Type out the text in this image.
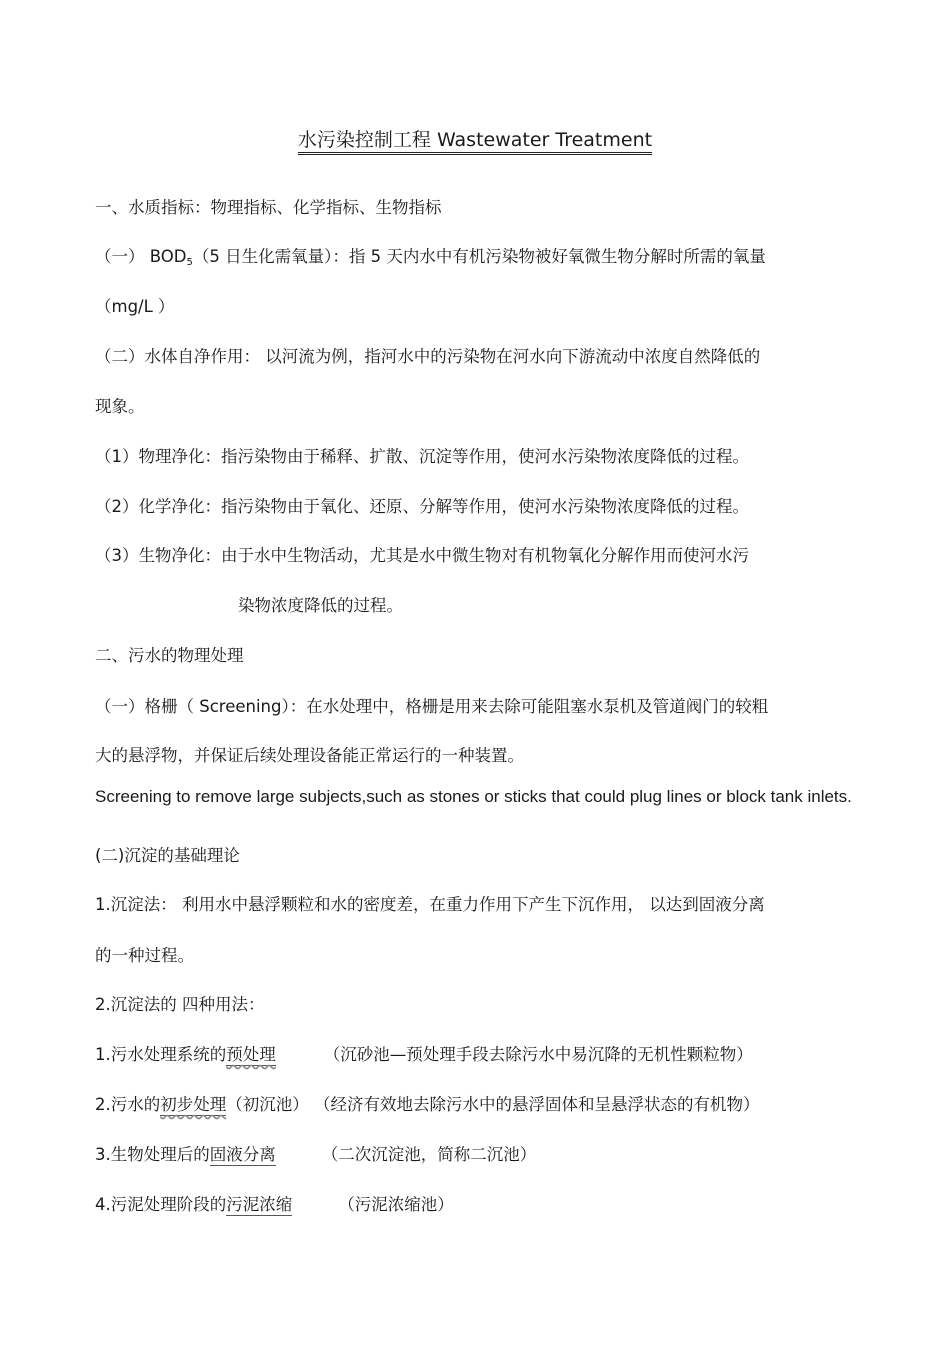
水污染控制工程 Wastewater Treatment
一、水质指标：物理指标、化学指标、生物指标
（一） $BOD_5(5$ 日生化需氧量）：指 5 天内水中有机污染物被好氧微生物分解时所需的氧量
（mg/L ）
（二）水体自净作用： 以河流为例，指河水中的污染物在河水向下游流动中浓度自然降低的
现象。
（1）物理净化：指污染物由于稀释、扩散、沉淀等作用，使河水污染物浓度降低的过程。
（2）化学净化：指污染物由于氧化、还原、分解等作用，使河水污染物浓度降低的过程。
（3）生物净化：由于水中生物活动，尤其是水中微生物对有机物氧化分解作用而使河水污
染物浓度降低的过程。
二、污水的物理处理
（一）格栅（ Screening）：在水处理中，格栅是用来去除可能阻塞水泵机及管道阀门的较粗
大的悬浮物，并保证后续处理设备能正常运行的一种装置。
Screening to remove large subjects,such as stones or sticks that could plug lines or block tank inlets.
(二)沉淀的基础理论
1.沉淀法： 利用水中悬浮颗粒和水的密度差，在重力作用下产生下沉作用， 以达到固液分离
的一种过程。
2.沉淀法的 四种用法：
1.污水处理系统的预处理	（沉砂池—预处理手段去除污水中易沉降的无机性颗粒物）
2.污水的初步处理（初沉池） （经济有效地去除污水中的悬浮固体和呈悬浮状态的有机物）
3.生物处理后的固液分离	（二次沉淀池，简称二沉池）
4.污泥处理阶段的污泥浓缩	（污泥浓缩池）
